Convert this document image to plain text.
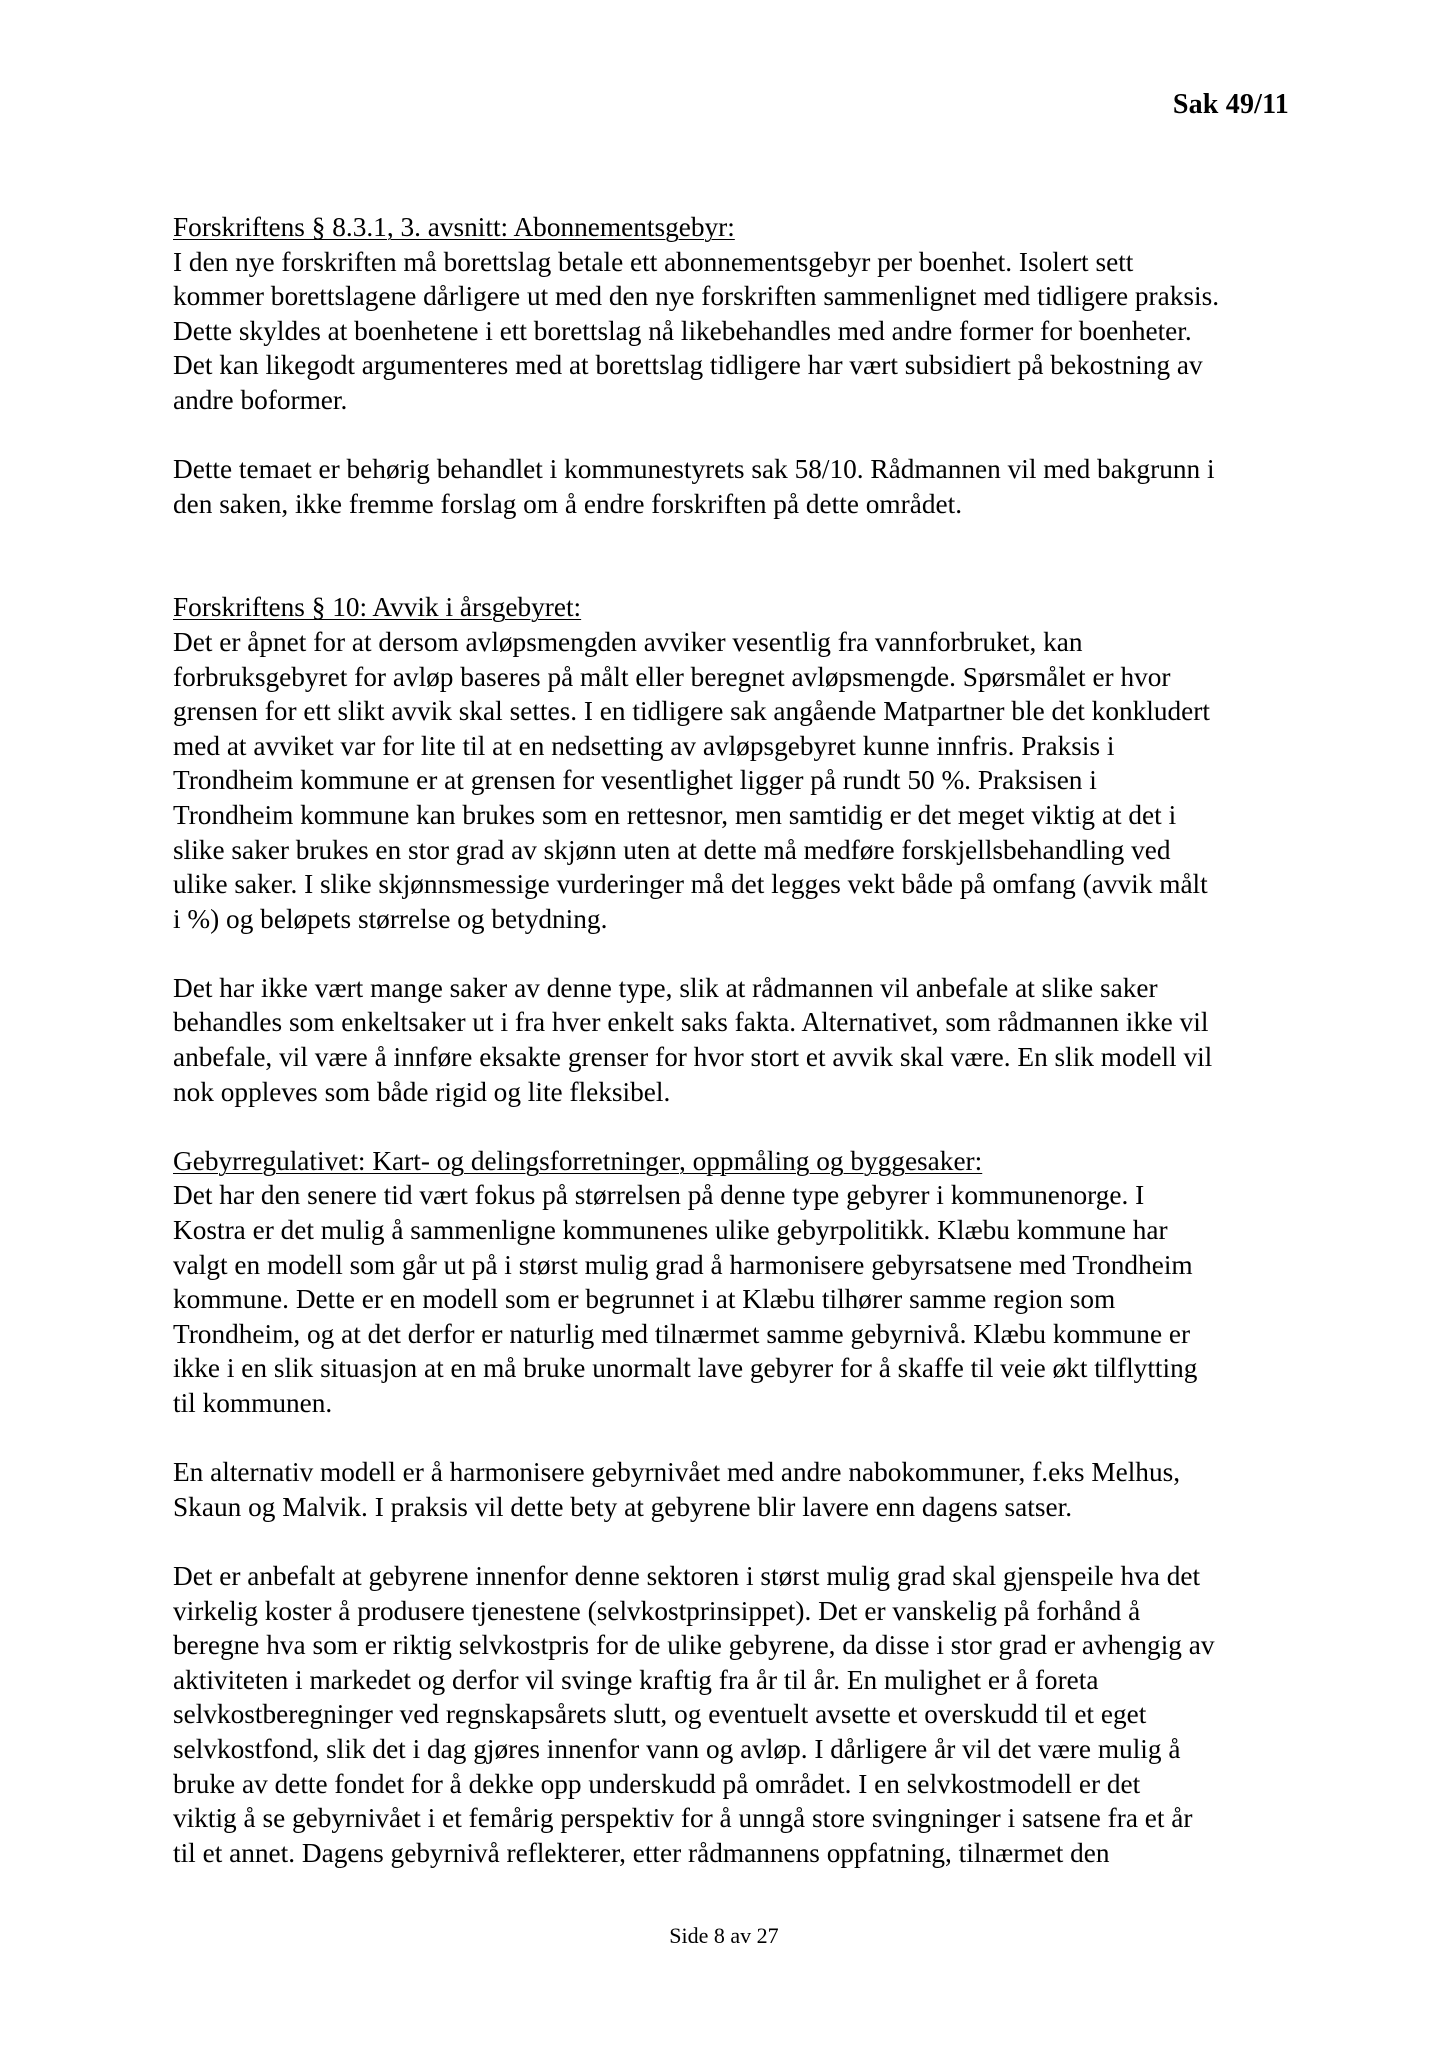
Sak 49/11
Forskriftens § 8.3.1, 3. avsnitt: Abonnementsgebyr:
I den nye forskriften må borettslag betale ett abonnementsgebyr per boenhet. Isolert sett
kommer borettslagene dårligere ut med den nye forskriften sammenlignet med tidligere praksis.
Dette skyldes at boenhetene i ett borettslag nå likebehandles med andre former for boenheter.
Det kan likegodt argumenteres med at borettslag tidligere har vært subsidiert på bekostning av
andre boformer.
Dette temaet er behørig behandlet i kommunestyrets sak 58/10. Rådmannen vil med bakgrunn i
den saken, ikke fremme forslag om å endre forskriften på dette området.
Forskriftens § 10: Avvik i årsgebyret:
Det er åpnet for at dersom avløpsmengden avviker vesentlig fra vannforbruket, kan
forbruksgebyret for avløp baseres på målt eller beregnet avløpsmengde. Spørsmålet er hvor
grensen for ett slikt avvik skal settes. I en tidligere sak angående Matpartner ble det konkludert
med at avviket var for lite til at en nedsetting av avløpsgebyret kunne innfris. Praksis i
Trondheim kommune er at grensen for vesentlighet ligger på rundt 50 %. Praksisen i
Trondheim kommune kan brukes som en rettesnor, men samtidig er det meget viktig at det i
slike saker brukes en stor grad av skjønn uten at dette må medføre forskjellsbehandling ved
ulike saker. I slike skjønnsmessige vurderinger må det legges vekt både på omfang (avvik målt
i %) og beløpets størrelse og betydning.
Det har ikke vært mange saker av denne type, slik at rådmannen vil anbefale at slike saker
behandles som enkeltsaker ut i fra hver enkelt saks fakta. Alternativet, som rådmannen ikke vil
anbefale, vil være å innføre eksakte grenser for hvor stort et avvik skal være. En slik modell vil
nok oppleves som både rigid og lite fleksibel.
Gebyrregulativet: Kart- og delingsforretninger, oppmåling og byggesaker:
Det har den senere tid vært fokus på størrelsen på denne type gebyrer i kommunenorge. I
Kostra er det mulig å sammenligne kommunenes ulike gebyrpolitikk. Klæbu kommune har
valgt en modell som går ut på i størst mulig grad å harmonisere gebyrsatsene med Trondheim
kommune. Dette er en modell som er begrunnet i at Klæbu tilhører samme region som
Trondheim, og at det derfor er naturlig med tilnærmet samme gebyrnivå. Klæbu kommune er
ikke i en slik situasjon at en må bruke unormalt lave gebyrer for å skaffe til veie økt tilflytting
til kommunen.
En alternativ modell er å harmonisere gebyrnivået med andre nabokommuner, f.eks Melhus,
Skaun og Malvik. I praksis vil dette bety at gebyrene blir lavere enn dagens satser.
Det er anbefalt at gebyrene innenfor denne sektoren i størst mulig grad skal gjenspeile hva det
virkelig koster å produsere tjenestene (selvkostprinsippet). Det er vanskelig på forhånd å
beregne hva som er riktig selvkostpris for de ulike gebyrene, da disse i stor grad er avhengig av
aktiviteten i markedet og derfor vil svinge kraftig fra år til år. En mulighet er å foreta
selvkostberegninger ved regnskapsårets slutt, og eventuelt avsette et overskudd til et eget
selvkostfond, slik det i dag gjøres innenfor vann og avløp. I dårligere år vil det være mulig å
bruke av dette fondet for å dekke opp underskudd på området. I en selvkostmodell er det
viktig å se gebyrnivået i et femårig perspektiv for å unngå store svingninger i satsene fra et år
til et annet. Dagens gebyrnivå reflekterer, etter rådmannens oppfatning, tilnærmet den
Side 8 av 27
